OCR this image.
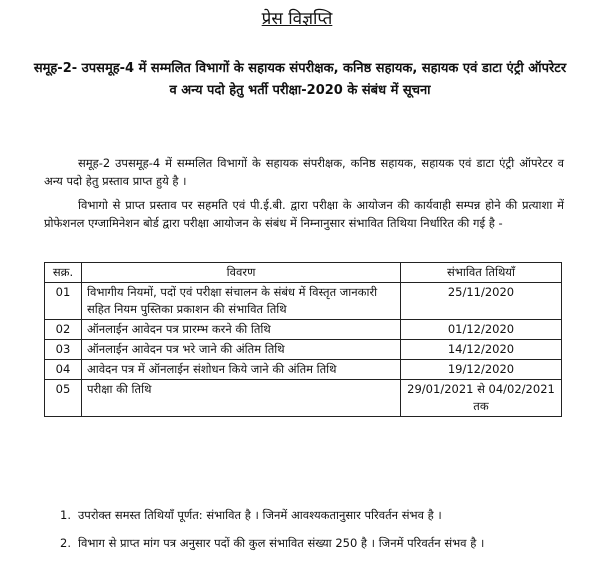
प्रेस विज्ञप्ति
समूह-2- उपसमूह-4 में सम्मलित विभागों के सहायक संपरीक्षक, कनिष्ठ सहायक, सहायक एवं डाटा एंट्री ऑपरेटर व अन्य पदो हेतु भर्ती परीक्षा-2020 के संबंध में सूचना
समूह-2 उपसमूह-4 में सम्मलित विभागों के सहायक संपरीक्षक, कनिष्ठ सहायक, सहायक एवं डाटा एंट्री ऑपरेटर व अन्य पदो हेतु प्रस्ताव प्राप्त हुये है ।
विभागो से प्राप्त प्रस्ताव पर सहमति एवं पी.ई.बी. द्वारा परीक्षा के आयोजन की कार्यवाही सम्पन्न होने की प्रत्याशा में प्रोफेशनल एग्जामिनेशन बोर्ड द्वारा परीक्षा आयोजन के संबंध में निम्नानुसार संभावित तिथिया निर्धारित की गई है -
सक्र.	विवरण	संभावित तिथियाँ
01	विभागीय नियमों, पदों एवं परीक्षा संचालन के संबंध में विस्तृत जानकारी सहित नियम पुस्तिका प्रकाशन की संभावित तिथि	25/11/2020
02	ऑनलाईन आवेदन पत्र प्रारम्भ करने की तिथि	01/12/2020
03	ऑनलाईन आवेदन पत्र भरे जाने की अंतिम तिथि	14/12/2020
04	आवेदन पत्र में ऑनलाईन संशोधन किये जाने की अंतिम तिथि	19/12/2020
05	परीक्षा की तिथि	29/01/2021 से 04/02/2021 तक
1. उपरोक्त समस्त तिथियाँ पूर्णत: संभावित है । जिनमें आवश्यकतानुसार परिवर्तन संभव है ।
2. विभाग से प्राप्त मांग पत्र अनुसार पदों की कुल संभावित संख्या 250 है । जिनमें परिवर्तन संभव है ।
